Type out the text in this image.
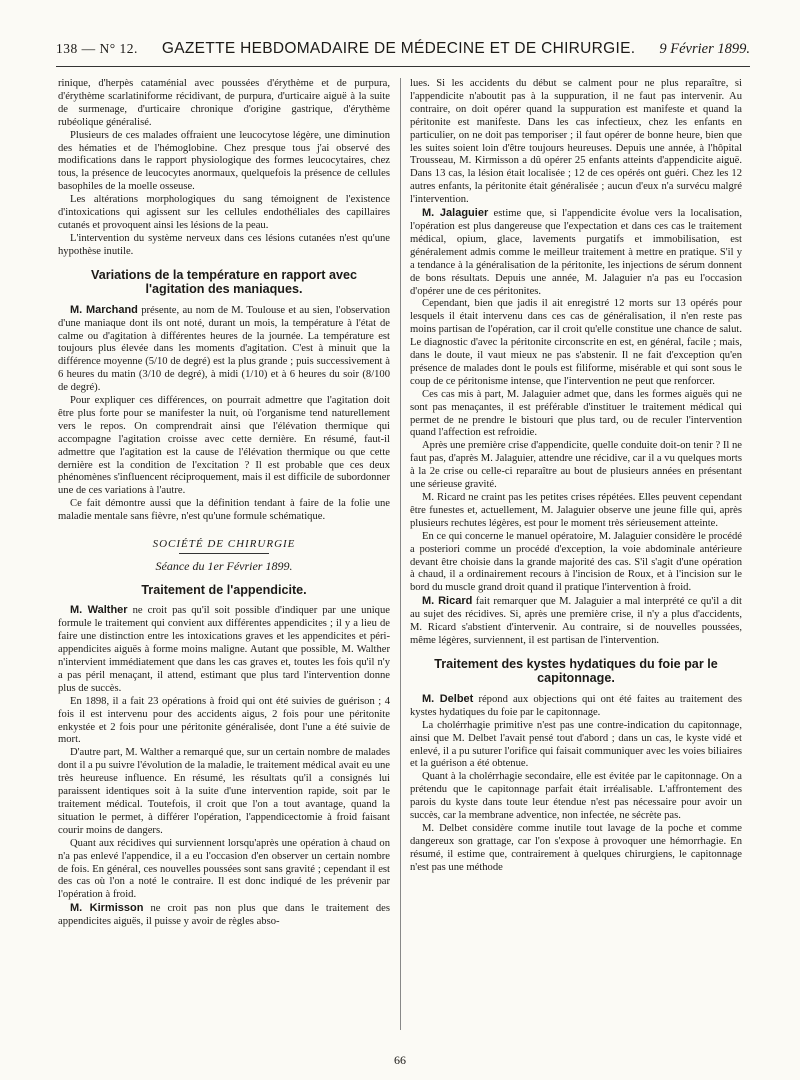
138 — N° 12. GAZETTE HEBDOMADAIRE DE MÉDECINE ET DE CHIRURGIE. 9 Février 1899.

rinique, d'herpès cataménial avec poussées d'érythème et de purpura, d'érythème scarlatiniforme récidivant, de purpura, d'urticaire aiguë à la suite de surmenage, d'urticaire chronique d'origine gastrique, d'érythème rubéolique généralisé.

Plusieurs de ces malades offraient une leucocytose légère, une diminution des hématies et de l'hémoglobine. Chez presque tous j'ai observé des modifications dans le rapport physiologique des formes leucocytaires, chez tous, la présence de leucocytes anormaux, quelquefois la présence de cellules basophiles de la moelle osseuse.

Les altérations morphologiques du sang témoignent de l'existence d'intoxications qui agissent sur les cellules endothéliales des capillaires cutanés et provoquent ainsi les lésions de la peau.

L'intervention du système nerveux dans ces lésions cutanées n'est qu'une hypothèse inutile.

Variations de la température en rapport avec l'agitation des maniaques.

M. Marchand présente, au nom de M. Toulouse et au sien, l'observation d'une maniaque dont ils ont noté, durant un mois, la température à l'état de calme ou d'agitation à différentes heures de la journée. La température est toujours plus élevée dans les moments d'agitation. C'est à minuit que la différence moyenne (5/10 de degré) est la plus grande ; puis successivement à 6 heures du matin (3/10 de degré), à midi (1/10) et à 6 heures du soir (8/100 de degré).

Pour expliquer ces différences, on pourrait admettre que l'agitation doit être plus forte pour se manifester la nuit, où l'organisme tend naturellement vers le repos. On comprendrait ainsi que l'élévation thermique qui accompagne l'agitation croisse avec cette dernière. En résumé, faut-il admettre que l'agitation est la cause de l'élévation thermique ou que cette dernière est la condition de l'excitation ? Il est probable que ces deux phénomènes s'influencent réciproquement, mais il est difficile de subordonner une de ces variations à l'autre.

Ce fait démontre aussi que la définition tendant à faire de la folie une maladie mentale sans fièvre, n'est qu'une formule schématique.

SOCIÉTÉ DE CHIRURGIE
Séance du 1er Février 1899.
Traitement de l'appendicite.

M. Walther ne croit pas qu'il soit possible d'indiquer par une unique formule le traitement qui convient aux différentes appendicites ; il y a lieu de faire une distinction entre les intoxications graves et les appendicites et péri-appendicites aiguës à forme moins maligne. Autant que possible, M. Walther n'intervient immédiatement que dans les cas graves et, toutes les fois qu'il n'y a pas péril menaçant, il attend, estimant que plus tard l'intervention donne plus de succès.

En 1898, il a fait 23 opérations à froid qui ont été suivies de guérison ; 4 fois il est intervenu pour des accidents aigus, 2 fois pour une péritonite enkystée et 2 fois pour une péritonite généralisée, dont l'une a été suivie de mort.

D'autre part, M. Walther a remarqué que, sur un certain nombre de malades dont il a pu suivre l'évolution de la maladie, le traitement médical avait eu une très heureuse influence. En résumé, les résultats qu'il a consignés lui paraissent identiques soit à la suite d'une intervention rapide, soit par le traitement médical. Toutefois, il croit que l'on a tout avantage, quand la situation le permet, à différer l'opération, l'appendicectomie à froid faisant courir moins de dangers.

Quant aux récidives qui surviennent lorsqu'après une opération à chaud on n'a pas enlevé l'appendice, il a eu l'occasion d'en observer un certain nombre de fois. En général, ces nouvelles poussées sont sans gravité ; cependant il est des cas où l'on a noté le contraire. Il est donc indiqué de les prévenir par l'opération à froid.

M. Kirmisson ne croit pas non plus que dans le traitement des appendicites aiguës, il puisse y avoir de règles abso-

lues. Si les accidents du début se calment pour ne plus reparaître, si l'appendicite n'aboutit pas à la suppuration, il ne faut pas intervenir. Au contraire, on doit opérer quand la suppuration est manifeste et quand la péritonite est manifeste. Dans les cas infectieux, chez les enfants en particulier, on ne doit pas temporiser ; il faut opérer de bonne heure, bien que les suites soient loin d'être toujours heureuses. Depuis une année, à l'hôpital Trousseau, M. Kirmisson a dû opérer 25 enfants atteints d'appendicite aiguë. Dans 13 cas, la lésion était localisée ; 12 de ces opérés ont guéri. Chez les 12 autres enfants, la péritonite était généralisée ; aucun d'eux n'a survécu malgré l'intervention.

M. Jalaguier estime que, si l'appendicite évolue vers la localisation, l'opération est plus dangereuse que l'expectation et dans ces cas le traitement médical, opium, glace, lavements purgatifs et immobilisation, est généralement admis comme le meilleur traitement à mettre en pratique. S'il y a tendance à la généralisation de la péritonite, les injections de sérum donnent de bons résultats. Depuis une année, M. Jalaguier n'a pas eu l'occasion d'opérer une de ces péritonites.

Cependant, bien que jadis il ait enregistré 12 morts sur 13 opérés pour lesquels il était intervenu dans ces cas de généralisation, il n'en reste pas moins partisan de l'opération, car il croit qu'elle constitue une chance de salut. Le diagnostic d'avec la péritonite circonscrite en est, en général, facile ; mais, dans le doute, il vaut mieux ne pas s'abstenir. Il ne fait d'exception qu'en présence de malades dont le pouls est filiforme, misérable et qui sont sous le coup de ce péritonisme intense, que l'intervention ne peut que renforcer.

Ces cas mis à part, M. Jalaguier admet que, dans les formes aiguës qui ne sont pas menaçantes, il est préférable d'instituer le traitement médical qui permet de ne prendre le bistouri que plus tard, ou de reculer l'intervention quand l'affection est refroidie.

Après une première crise d'appendicite, quelle conduite doit-on tenir ? Il ne faut pas, d'après M. Jalaguier, attendre une récidive, car il a vu quelques morts à la 2e crise ou celle-ci reparaître au bout de plusieurs années en présentant une sérieuse gravité.

M. Ricard ne craint pas les petites crises répétées. Elles peuvent cependant être funestes et, actuellement, M. Jalaguier observe une jeune fille qui, après plusieurs rechutes légères, est pour le moment très sérieusement atteinte.

En ce qui concerne le manuel opératoire, M. Jalaguier considère le procédé a posteriori comme un procédé d'exception, la voie abdominale antérieure devant être choisie dans la grande majorité des cas. S'il s'agit d'une opération à chaud, il a ordinairement recours à l'incision de Roux, et à l'incision sur le bord du muscle grand droit quand il pratique l'intervention à froid.

M. Ricard fait remarquer que M. Jalaguier a mal interprété ce qu'il a dit au sujet des récidives. Si, après une première crise, il n'y a plus d'accidents, M. Ricard s'abstient d'intervenir. Au contraire, si de nouvelles poussées, même légères, surviennent, il est partisan de l'intervention.

Traitement des kystes hydatiques du foie par le capitonnage.

M. Delbet répond aux objections qui ont été faites au traitement des kystes hydatiques du foie par le capitonnage.

La cholérrhagie primitive n'est pas une contre-indication du capitonnage, ainsi que M. Delbet l'avait pensé tout d'abord ; dans un cas, le kyste vidé et enlevé, il a pu suturer l'orifice qui faisait communiquer avec les voies biliaires et la guérison a été obtenue.

Quant à la cholérrhagie secondaire, elle est évitée par le capitonnage. On a prétendu que le capitonnage parfait était irréalisable. L'affrontement des parois du kyste dans toute leur étendue n'est pas nécessaire pour avoir un succès, car la membrane adventice, non infectée, ne sécrète pas.

M. Delbet considère comme inutile tout lavage de la poche et comme dangereux son grattage, car l'on s'expose à provoquer une hémorrhagie. En résumé, il estime que, contrairement à quelques chirurgiens, le capitonnage n'est pas une méthode

66
